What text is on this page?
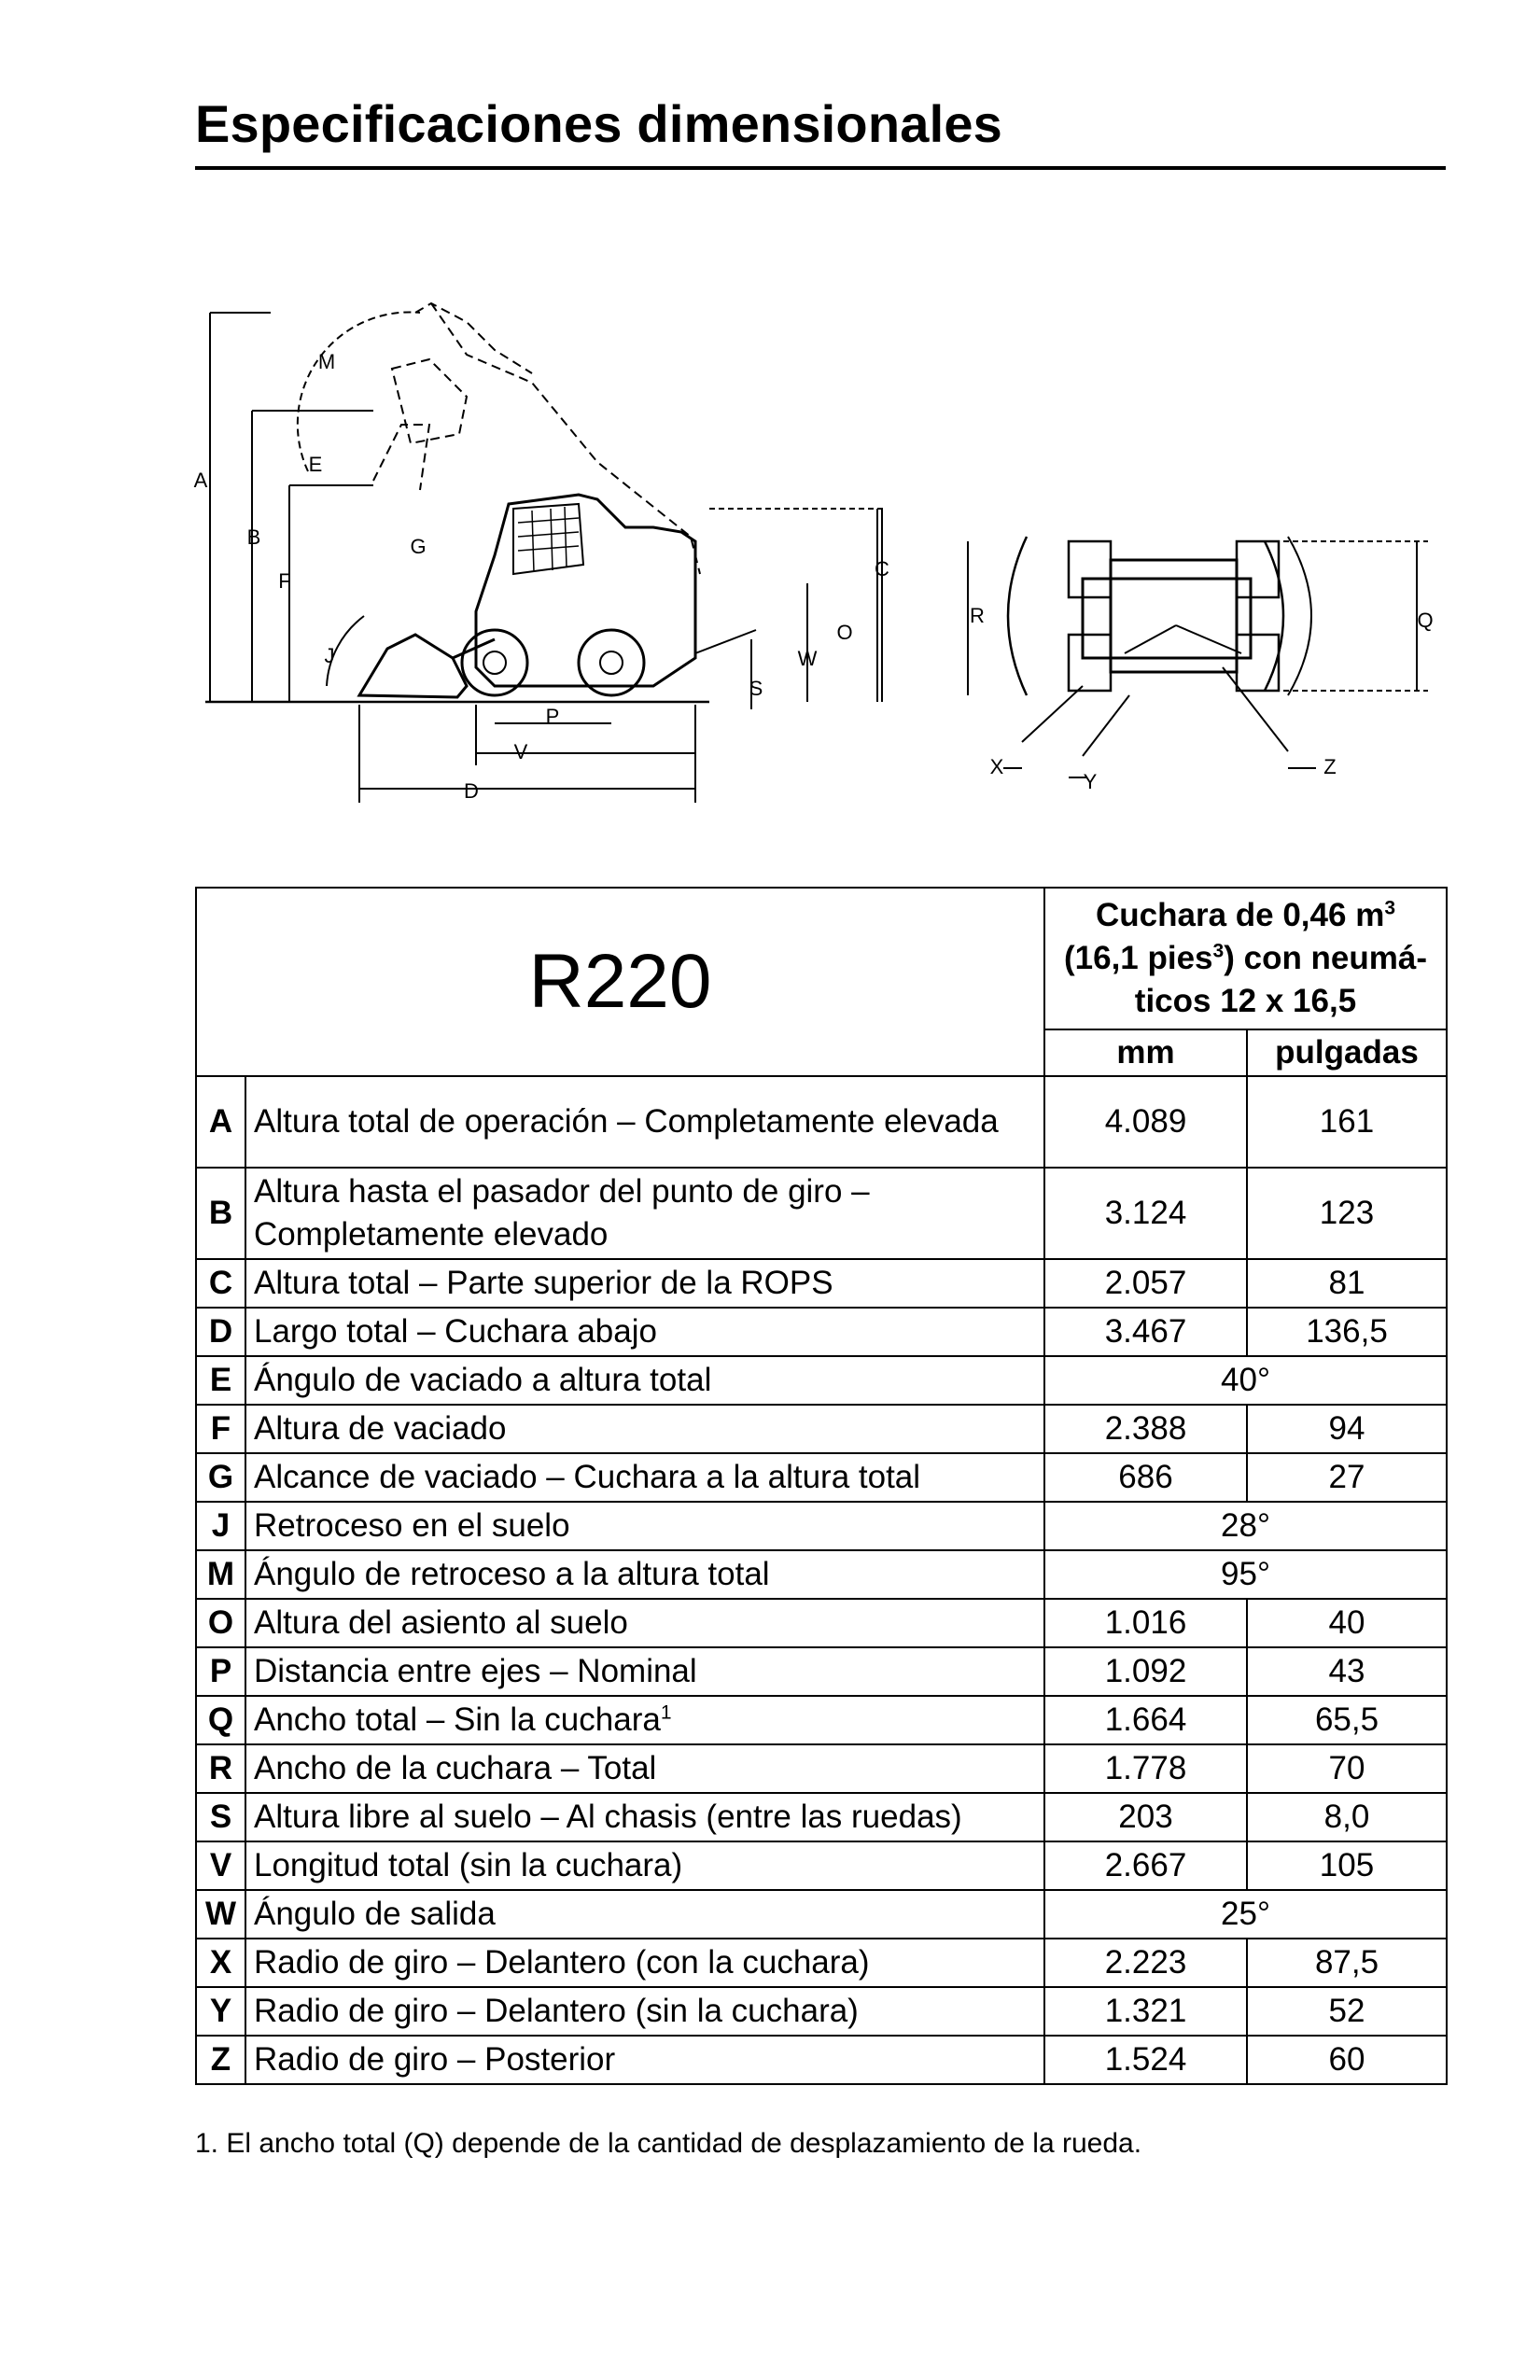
Especificaciones dimensionales
A
B
C
D
E
F
G
J
M
O
P
S
V
W
R	Q
X
Y
Z
R220		Cuchara de 0,46 $m^3$
(16,1 pies$^3$) con neumá-
ticos 12 x 16,5	
		mm	pulgadas
A	Altura total de operación – Completamente elevada	4.089	161
B	Altura hasta el pasador del punto de giro – Completamente elevado	3.124	123
C	Altura total – Parte superior de la ROPS	2.057	81
D	Largo total – Cuchara abajo	3.467	136,5
E	Ángulo de vaciado a altura total	40°	
F	Altura de vaciado	2.388	94
G	Alcance de vaciado – Cuchara a la altura total	686	27
J	Retroceso en el suelo	28°	
M	Ángulo de retroceso a la altura total	95°	
O	Altura del asiento al suelo	1.016	40
P	Distancia entre ejes – Nominal	1.092	43
Q	Ancho total – Sin la cuchara$^1$	1.664	65,5
R	Ancho de la cuchara – Total	1.778	70
S	Altura libre al suelo – Al chasis (entre las ruedas)	203	8,0
V	Longitud total (sin la cuchara)	2.667	105
W	Ángulo de salida	25°	
X	Radio de giro – Delantero (con la cuchara)	2.223	87,5
Y	Radio de giro – Delantero (sin la cuchara)	1.321	52
Z	Radio de giro – Posterior	1.524	60
1. El ancho total (Q) depende de la cantidad de desplazamiento de la rueda.
